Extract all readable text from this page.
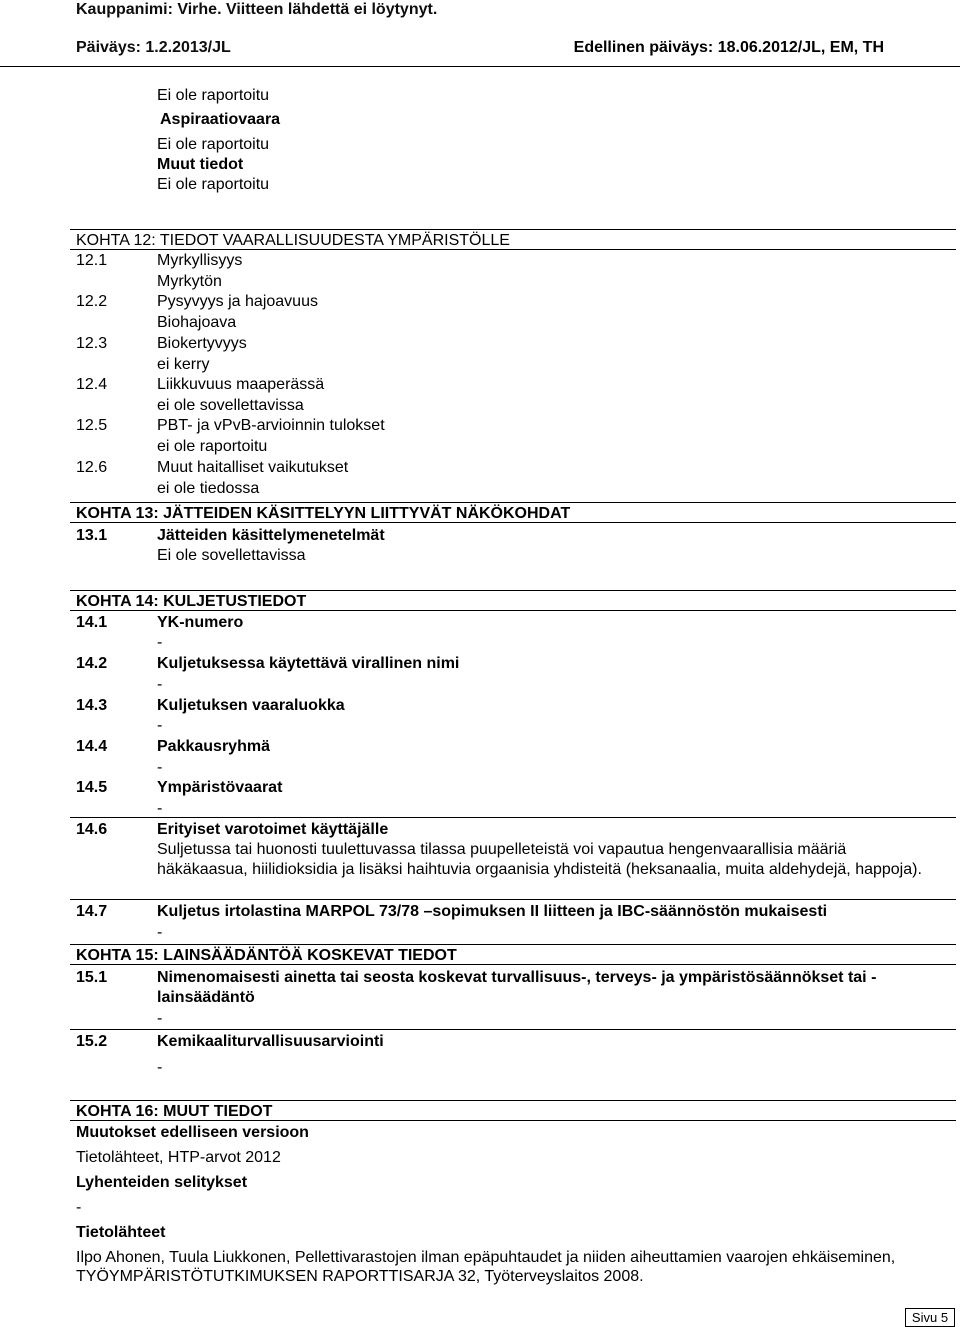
Kauppanimi: Virhe. Viitteen lähdettä ei löytynyt.
Päiväys: 1.2.2013/JL	Edellinen päiväys: 18.06.2012/JL, EM, TH
Ei ole raportoitu
Aspiraatiovaara
Ei ole raportoitu
Muut tiedot
Ei ole raportoitu
KOHTA 12: TIEDOT VAARALLISUUDESTA YMPÄRISTÖLLE
12.1	Myrkyllisyys
Myrkytön
12.2	Pysyvyys ja hajoavuus
Biohajoava
12.3	Biokertyvyys
ei kerry
12.4	Liikkuvuus maaperässä
ei ole sovellettavissa
12.5	PBT- ja vPvB-arvioinnin tulokset
ei ole raportoitu
12.6	Muut haitalliset vaikutukset
ei ole tiedossa
KOHTA 13: JÄTTEIDEN KÄSITTELYYN LIITTYVÄT NÄKÖKOHDAT
13.1	Jätteiden käsittelymenetelmät
Ei ole sovellettavissa
KOHTA 14: KULJETUSTIEDOT
14.1	YK-numero
-
14.2	Kuljetuksessa käytettävä virallinen nimi
-
14.3	Kuljetuksen vaaraluokka
-
14.4	Pakkausryhmä
-
14.5	Ympäristövaarat
-
14.6	Erityiset varotoimet käyttäjälle
Suljetussa tai huonosti tuulettuvassa tilassa puupelleteistä voi vapautua hengenvaarallisia määriä häkäkaasua, hiilidioksidia ja lisäksi haihtuvia orgaanisia yhdisteitä (heksanaalia, muita aldehydejä, happoja).
14.7	Kuljetus irtolastina MARPOL 73/78 –sopimuksen II liitteen ja IBC-säännöstön mukaisesti
-
KOHTA 15: LAINSÄÄDÄNTÖÄ KOSKEVAT TIEDOT
15.1	Nimenomaisesti ainetta tai seosta koskevat turvallisuus-, terveys- ja ympäristösäännökset tai - lainsäädäntö
-
15.2	Kemikaaliturvallisuusarviointi
-
KOHTA 16: MUUT TIEDOT
Muutokset edelliseen versioon
Tietolähteet, HTP-arvot 2012
Lyhenteiden selitykset
-
Tietolähteet
Ilpo Ahonen, Tuula Liukkonen, Pellettivarastojen ilman epäpuhtaudet ja niiden aiheuttamien vaarojen ehkäiseminen, TYÖYMPÄRISTÖTUTKIMUKSEN RAPORTTISARJA 32, Työterveyslaitos 2008.
Sivu 5
